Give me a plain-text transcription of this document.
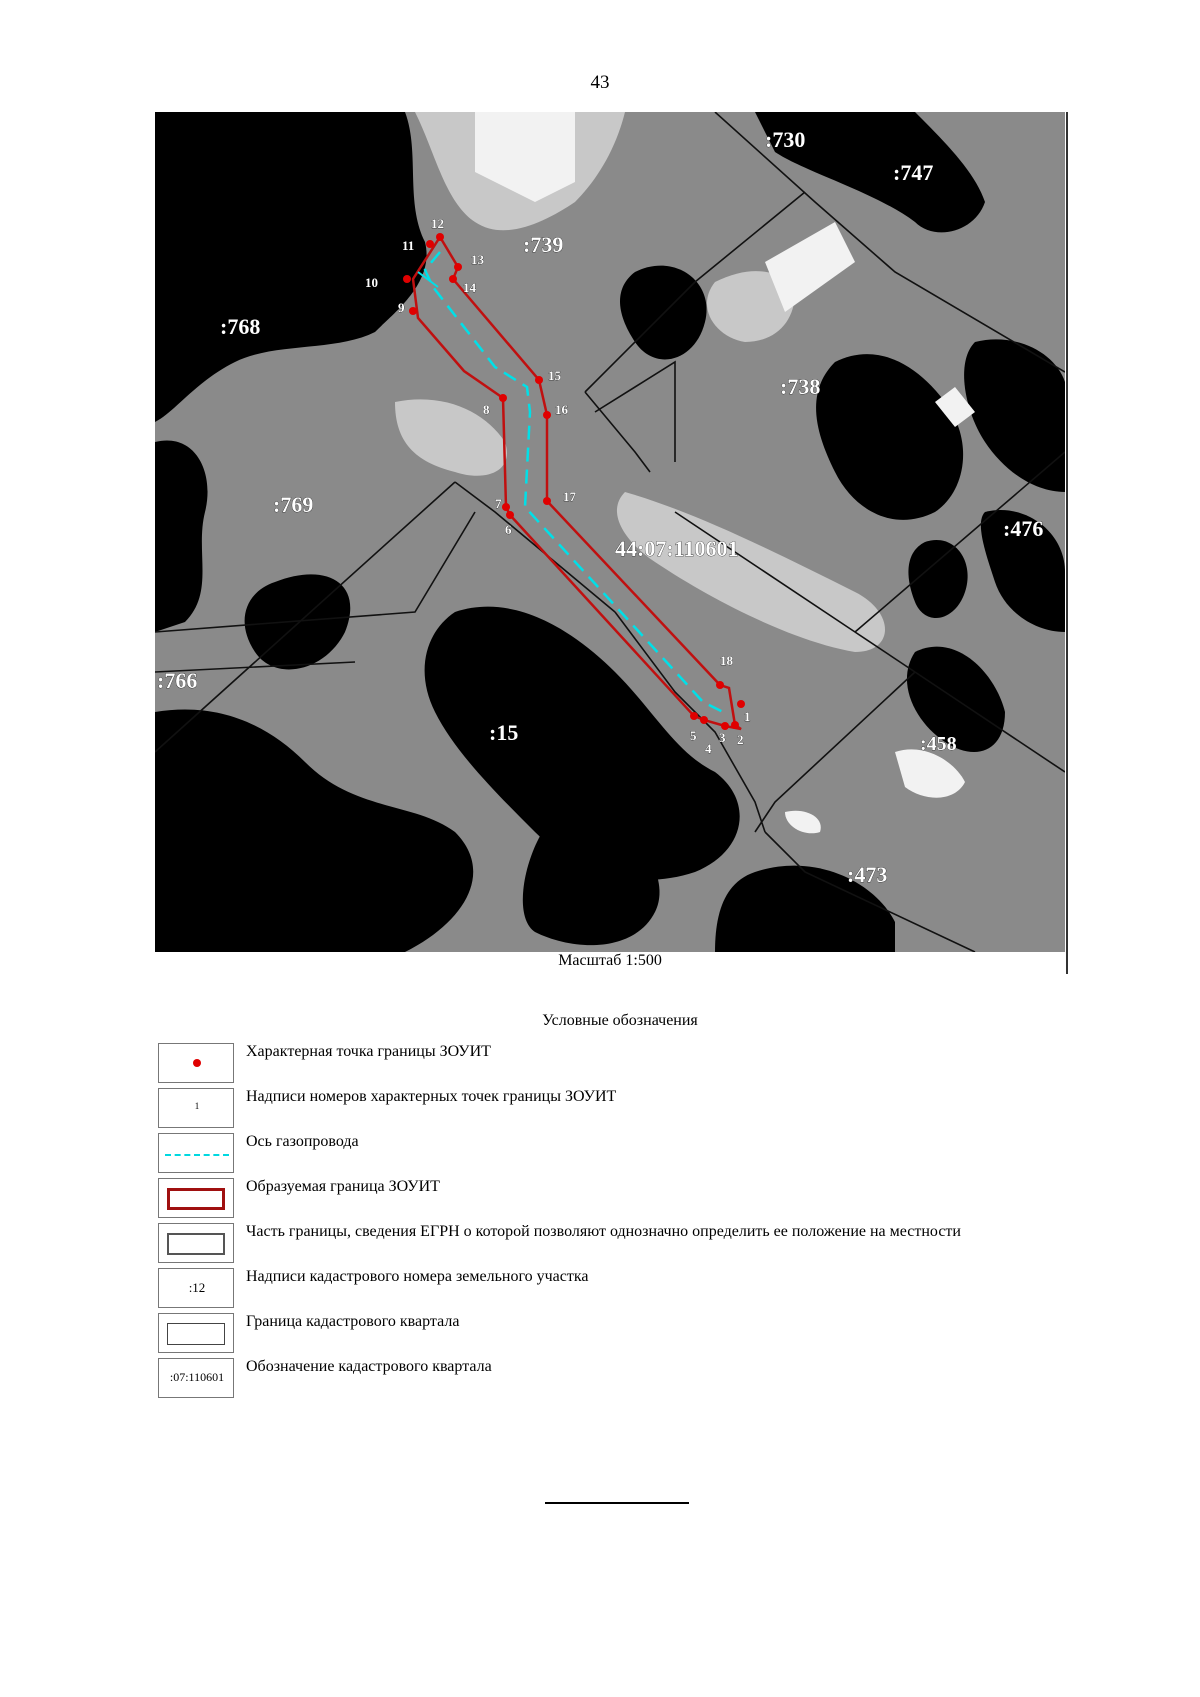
43
1
2
3
4
5
6
7
8
9
10
11
12
13
14
15
16
17
18
:730
:747
:739
:768
:738
:769
:476
:766
:15	:458
:473
44:07:110601
Масштаб 1:500
Условные обозначения
Характерная точка границы ЗОУИТ
1
Надписи номеров характерных точек границы ЗОУИТ
Ось газопровода
Образуемая граница ЗОУИТ
Часть границы, сведения ЕГРН о которой позволяют однозначно определить ее положение на местности
:12
Надписи кадастрового номера земельного участка
Граница кадастрового квартала
:07:110601
Обозначение кадастрового квартала
